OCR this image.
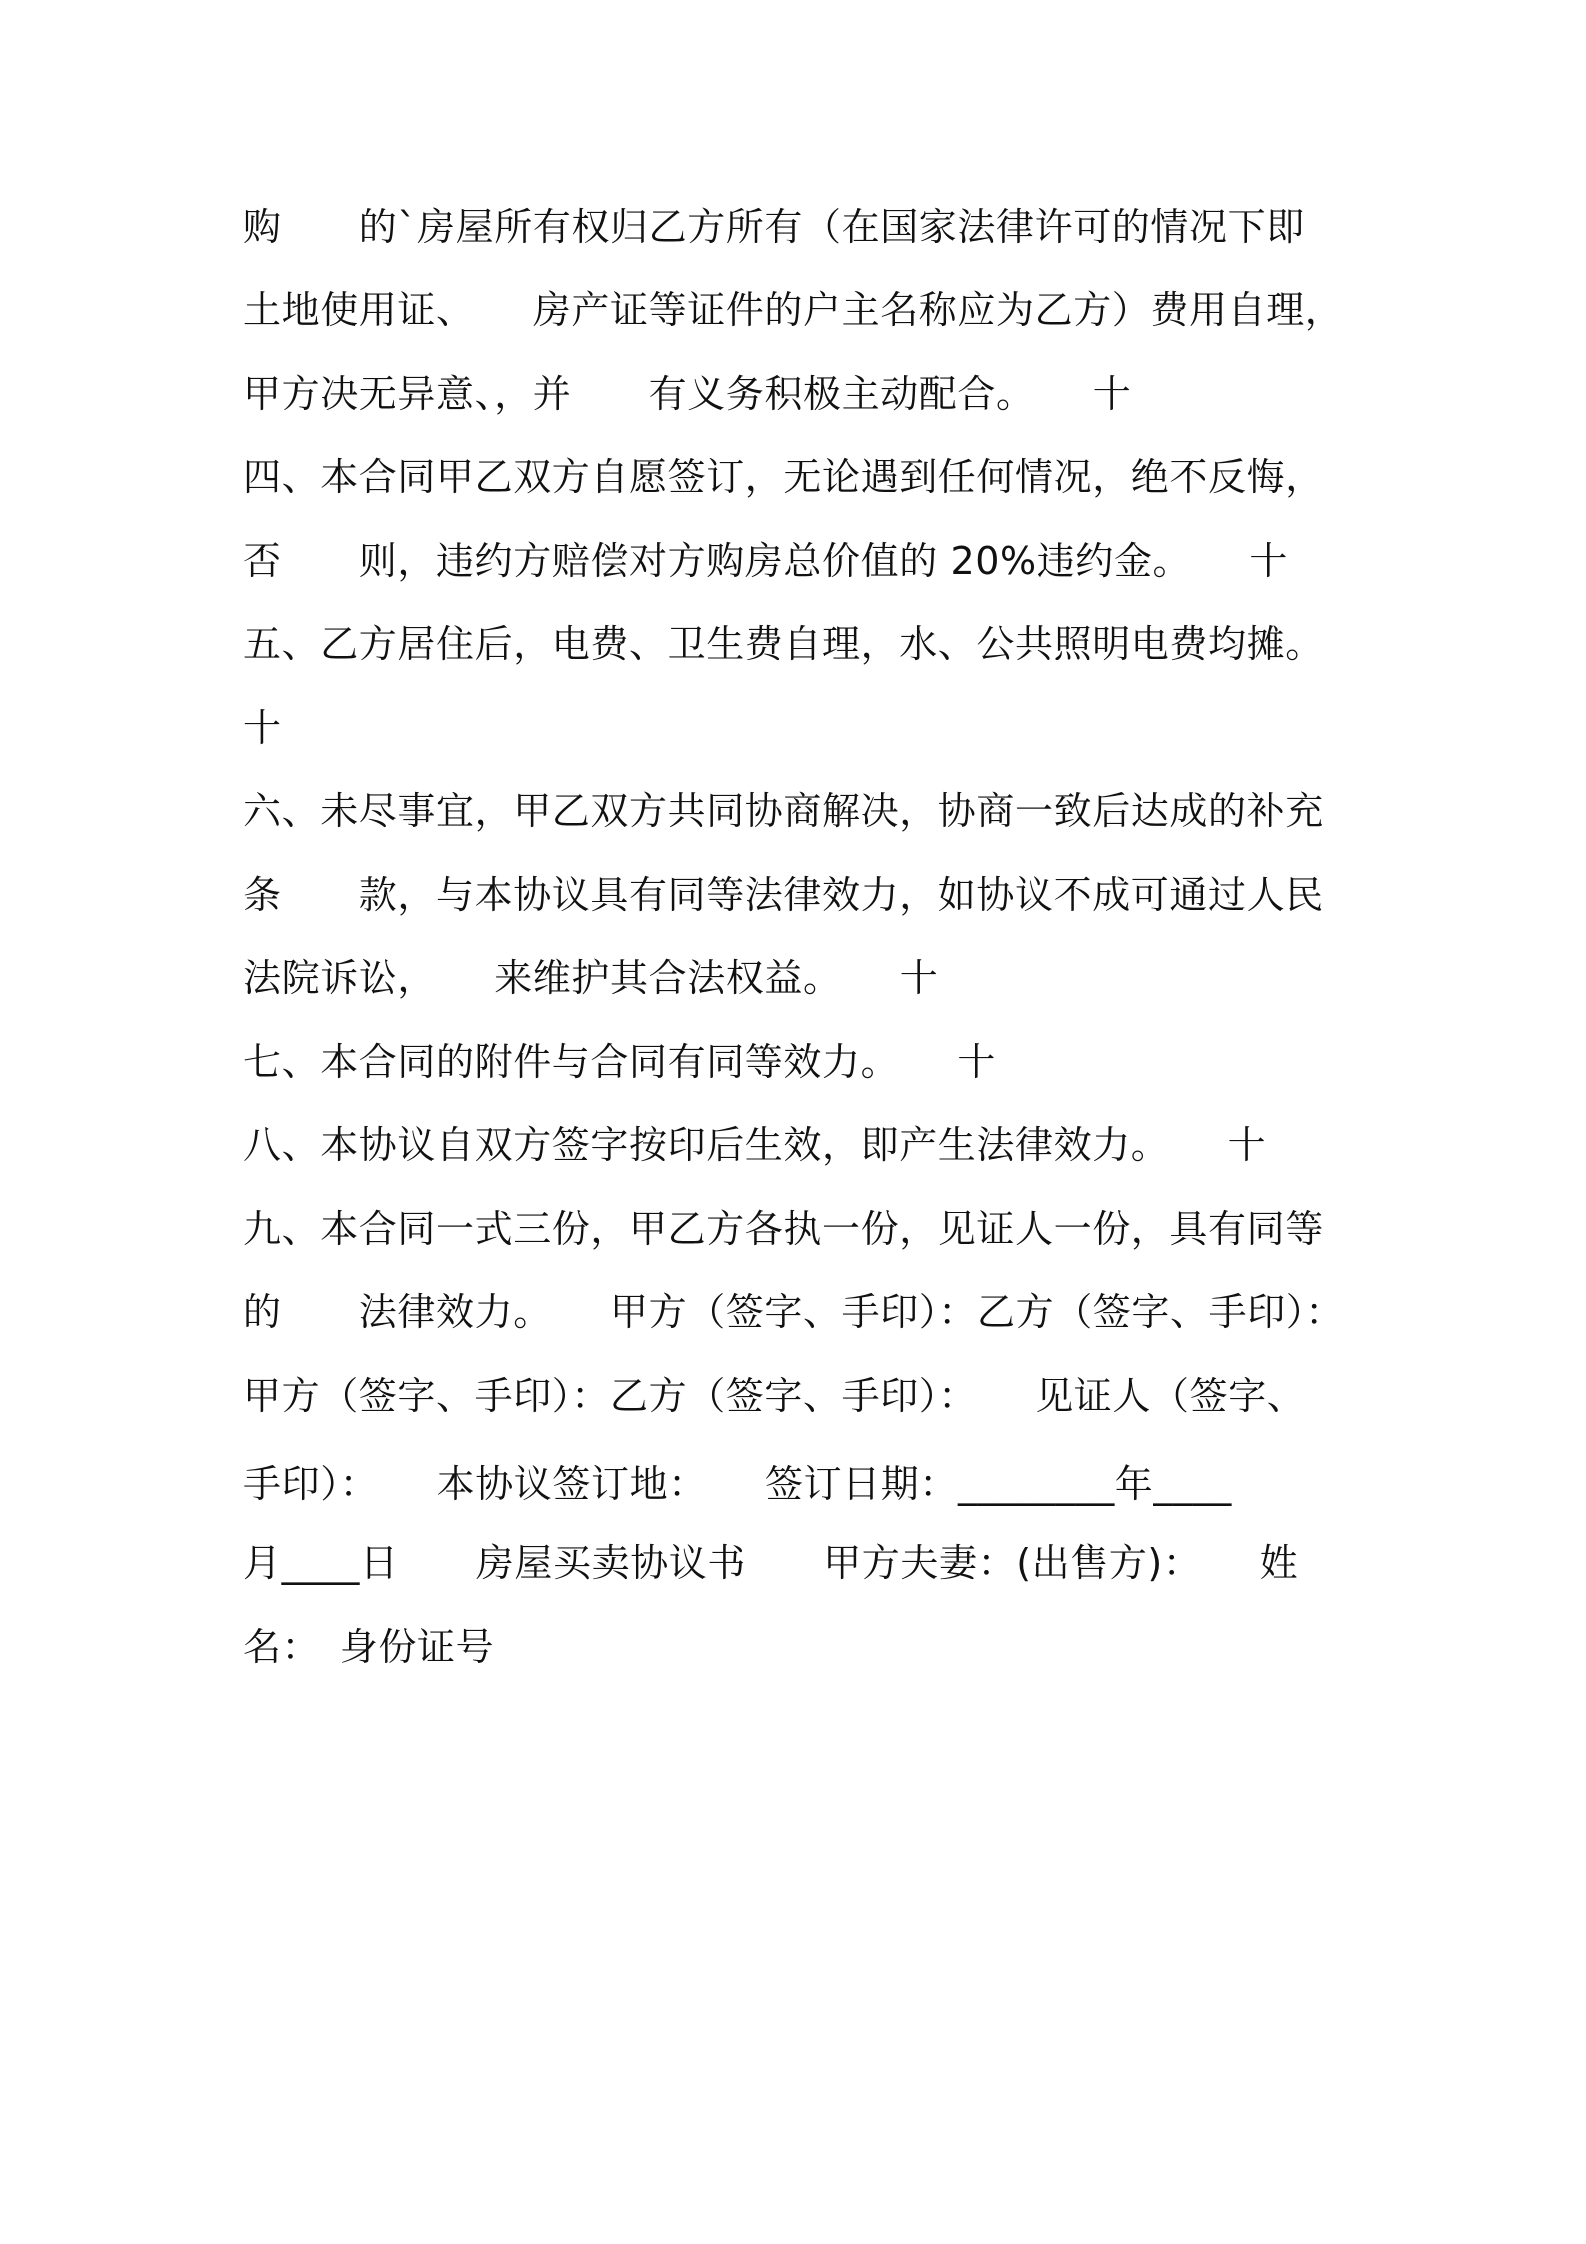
购　　的`房屋所有权归乙方所有（在国家法律许可的情况下即
土地使用证、　　房产证等证件的户主名称应为乙方）费用自理，
甲方决无异意、，并　　有义务积极主动配合。　　十
四、本合同甲乙双方自愿签订，无论遇到任何情况，绝不反悔，
否　　则，违约方赔偿对方购房总价值的 20%违约金。　　十
五、乙方居住后，电费、卫生费自理，水、公共照明电费均摊。
十
六、未尽事宜，甲乙双方共同协商解决，协商一致后达成的补充
条　　款，与本协议具有同等法律效力，如协议不成可通过人民
法院诉讼，　　来维护其合法权益。　　十
七、本合同的附件与合同有同等效力。　　十
八、本协议自双方签字按印后生效，即产生法律效力。　　十
九、本合同一式三份，甲乙方各执一份，见证人一份，具有同等
的　　法律效力。　　甲方（签字、手印）：乙方（签字、手印）：
甲方（签字、手印）：乙方（签字、手印）：　　见证人（签字、
手印）：　　本协议签订地：　　签订日期：________年____
月____日　　房屋买卖协议书　　甲方夫妻：(出售方)：　　姓
名：　身份证号
